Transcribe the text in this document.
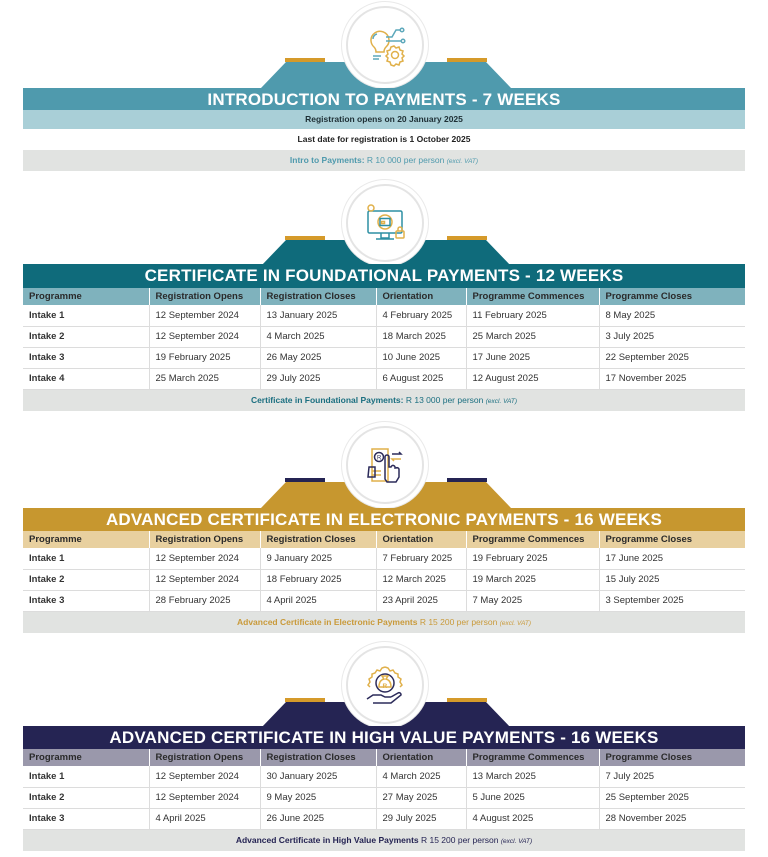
INTRODUCTION TO PAYMENTS - 7 WEEKS
Registration opens on 20 January 2025
Last date for registration is 1 October 2025
Intro to Payments: R 10 000 per person (excl. VAT)
CERTIFICATE IN FOUNDATIONAL PAYMENTS - 12 WEEKS
Programme	Registration Opens	Registration Closes	Orientation	Programme Commences	Programme Closes
Intake 1	12 September 2024	13 January 2025	4 February 2025	11 February 2025	8 May 2025
Intake 2	12 September 2024	4 March 2025	18 March 2025	25 March 2025	3 July 2025
Intake 3	19 February 2025	26 May 2025	10 June 2025	17 June 2025	22 September 2025
Intake 4	25 March 2025	29 July 2025	6 August 2025	12 August 2025	17 November 2025
Certificate in Foundational Payments: R 13 000 per person (excl. VAT)
R
ADVANCED CERTIFICATE IN ELECTRONIC PAYMENTS - 16 WEEKS
Programme	Registration Opens	Registration Closes	Orientation	Programme Commences	Programme Closes
Intake 1	12 September 2024	9 January 2025	7 February 2025	19 February 2025	17 June 2025
Intake 2	12 September 2024	18 February 2025	12 March 2025	19 March 2025	15 July 2025
Intake 3	28 February 2025	4 April 2025	23 April 2025	7 May 2025	3 September 2025
Advanced Certificate in Electronic Payments R 15 200 per person (excl. VAT)
R
ADVANCED CERTIFICATE IN HIGH VALUE PAYMENTS - 16 WEEKS
Programme	Registration Opens	Registration Closes	Orientation	Programme Commences	Programme Closes
Intake 1	12 September 2024	30 January 2025	4 March 2025	13 March 2025	7 July 2025
Intake 2	12 September 2024	9 May 2025	27 May 2025	5 June 2025	25 September 2025
Intake 3	4 April 2025	26 June 2025	29 July 2025	4 August 2025	28 November 2025
Advanced Certificate in High Value Payments R 15 200 per person (excl. VAT)
